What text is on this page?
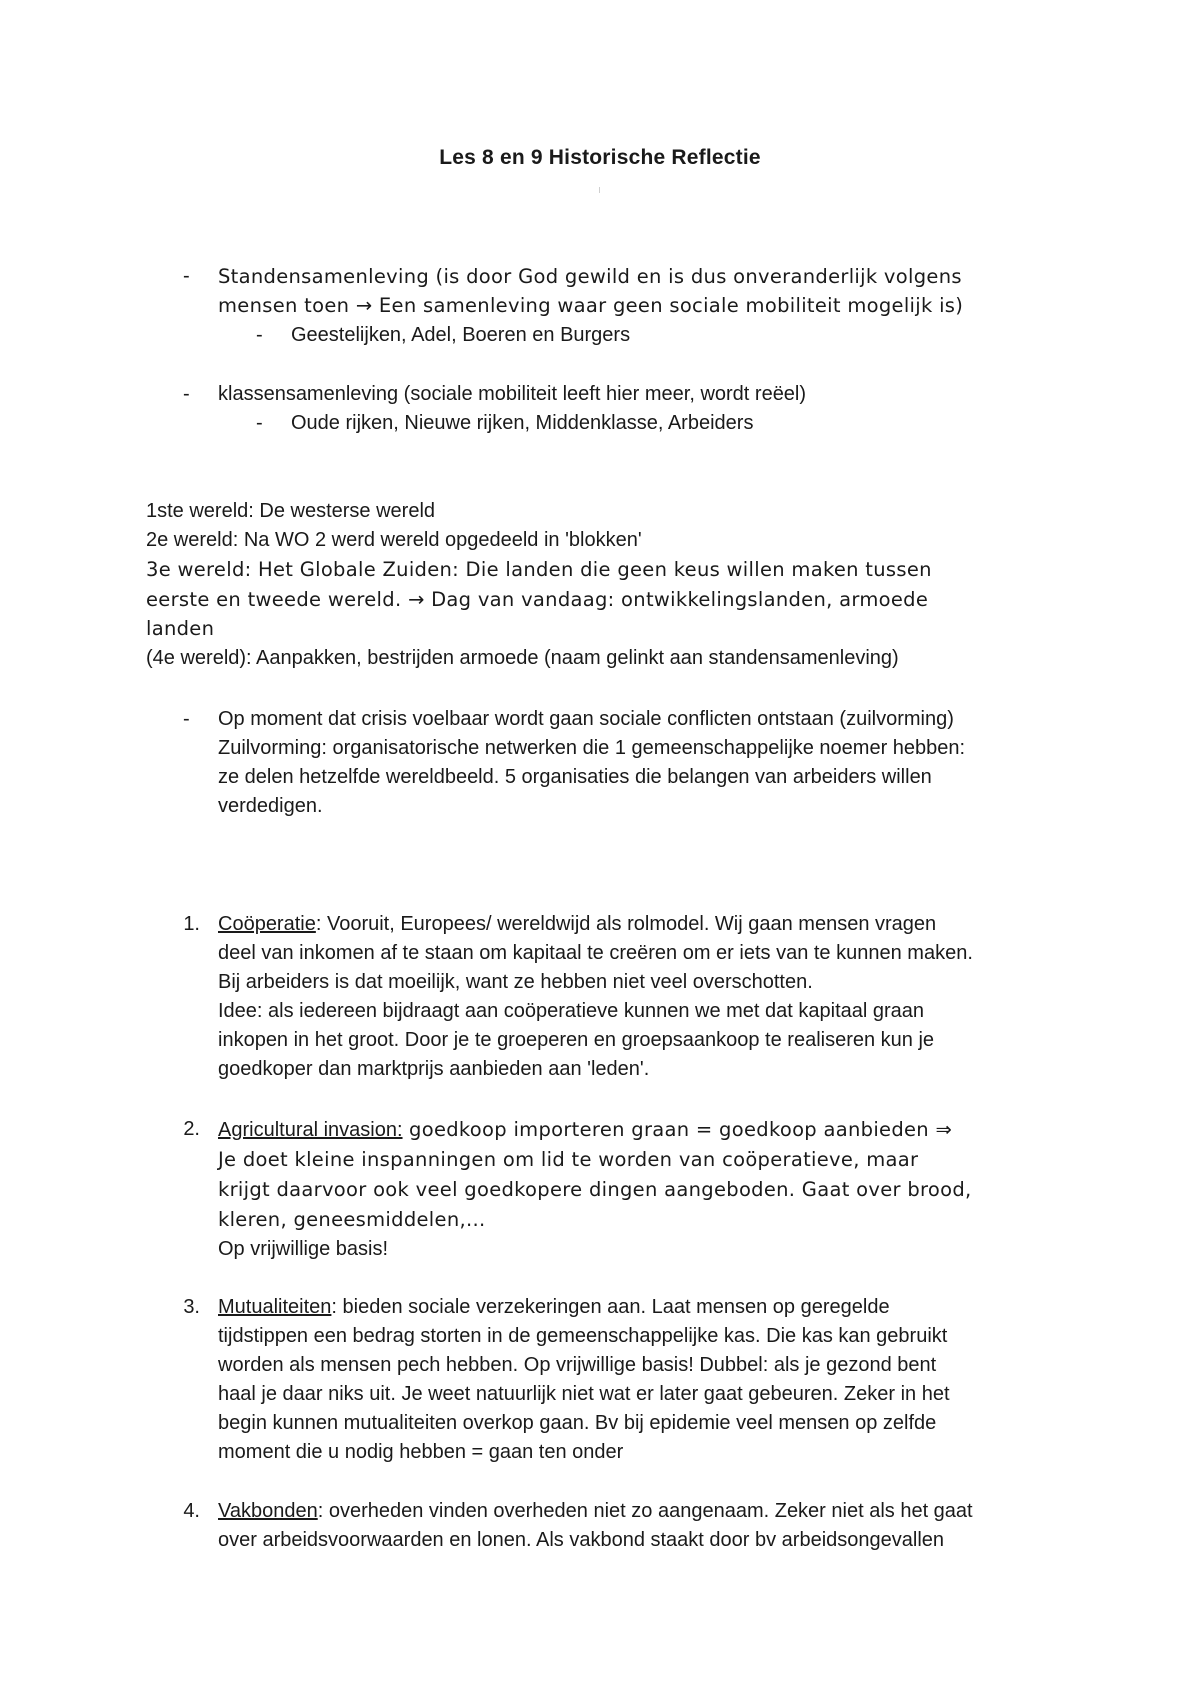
Les 8 en 9 Historische Reflectie
- Standensamenleving (is door God gewild en is dus onveranderlijk volgens
mensen toen → Een samenleving waar geen sociale mobiliteit mogelijk is)
- Geestelijken, Adel, Boeren en Burgers
- klassensamenleving (sociale mobiliteit leeft hier meer, wordt reëel)
- Oude rijken, Nieuwe rijken, Middenklasse, Arbeiders
1ste wereld: De westerse wereld
2e wereld: Na WO 2 werd wereld opgedeeld in 'blokken'
3e wereld: Het Globale Zuiden: Die landen die geen keus willen maken tussen
eerste en tweede wereld. → Dag van vandaag: ontwikkelingslanden, armoede
landen
(4e wereld): Aanpakken, bestrijden armoede (naam gelinkt aan standensamenleving)
- Op moment dat crisis voelbaar wordt gaan sociale conflicten ontstaan (zuilvorming)
Zuilvorming: organisatorische netwerken die 1 gemeenschappelijke noemer hebben:
ze delen hetzelfde wereldbeeld. 5 organisaties die belangen van arbeiders willen
verdedigen.
1. Coöperatie: Vooruit, Europees/ wereldwijd als rolmodel. Wij gaan mensen vragen
deel van inkomen af te staan om kapitaal te creëren om er iets van te kunnen maken.
Bij arbeiders is dat moeilijk, want ze hebben niet veel overschotten.
Idee: als iedereen bijdraagt aan coöperatieve kunnen we met dat kapitaal graan
inkopen in het groot. Door je te groeperen en groepsaankoop te realiseren kun je
goedkoper dan marktprijs aanbieden aan 'leden'.
2. Agricultural invasion: goedkoop importeren graan = goedkoop aanbieden ⇒
Je doet kleine inspanningen om lid te worden van coöperatieve, maar
krijgt daarvoor ook veel goedkopere dingen aangeboden. Gaat over brood,
kleren, geneesmiddelen,...
Op vrijwillige basis!
3. Mutualiteiten: bieden sociale verzekeringen aan. Laat mensen op geregelde
tijdstippen een bedrag storten in de gemeenschappelijke kas. Die kas kan gebruikt
worden als mensen pech hebben. Op vrijwillige basis! Dubbel: als je gezond bent
haal je daar niks uit. Je weet natuurlijk niet wat er later gaat gebeuren. Zeker in het
begin kunnen mutualiteiten overkop gaan. Bv bij epidemie veel mensen op zelfde
moment die u nodig hebben = gaan ten onder
4. Vakbonden: overheden vinden overheden niet zo aangenaam. Zeker niet als het gaat
over arbeidsvoorwaarden en lonen. Als vakbond staakt door bv arbeidsongevallen
